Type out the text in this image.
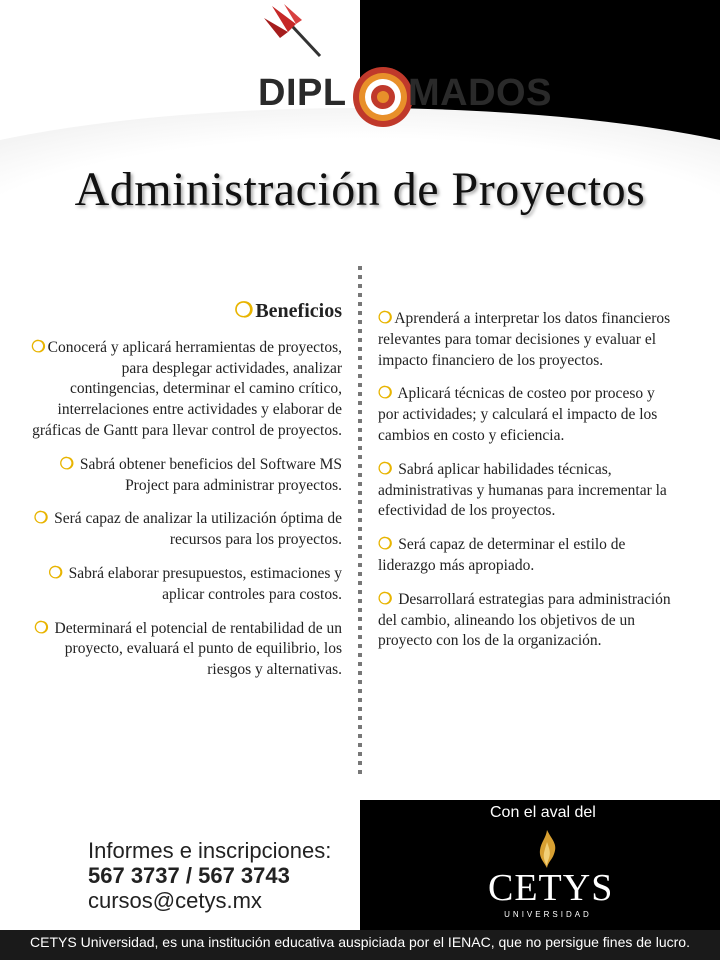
DIPL MADOS
Administración de Proyectos
❍ Beneficios
❍ Conocerá y aplicará herramientas de proyectos, para desplegar actividades, analizar contingencias, determinar el camino crítico, interrelaciones entre actividades y elaborar de gráficas de Gantt para llevar control de proyectos.
❍ Sabrá obtener beneficios del Software MS Project para administrar proyectos.
❍ Será capaz de analizar la utilización óptima de recursos para los proyectos.
❍ Sabrá elaborar presupuestos, estimaciones y aplicar controles para costos.
❍ Determinará el potencial de rentabilidad de un proyecto, evaluará el punto de equilibrio, los riesgos y alternativas.
❍ Aprenderá a interpretar los datos financieros relevantes para tomar decisiones y evaluar el impacto financiero de los proyectos.
❍ Aplicará técnicas de costeo por proceso y por actividades; y calculará el impacto de los cambios en costo y eficiencia.
❍ Sabrá aplicar habilidades técnicas, administrativas y humanas para incrementar la efectividad de los proyectos.
❍ Será capaz de determinar el estilo de liderazgo más apropiado.
❍ Desarrollará estrategias para administración del cambio, alineando los objetivos de un proyecto con los de la organización.
Informes e inscripciones:
567 3737 / 567 3743
cursos@cetys.mx
Con el aval del
CETYS
UNIVERSIDAD
CETYS Universidad, es una institución educativa auspiciada por el IENAC, que no persigue fines de lucro.
